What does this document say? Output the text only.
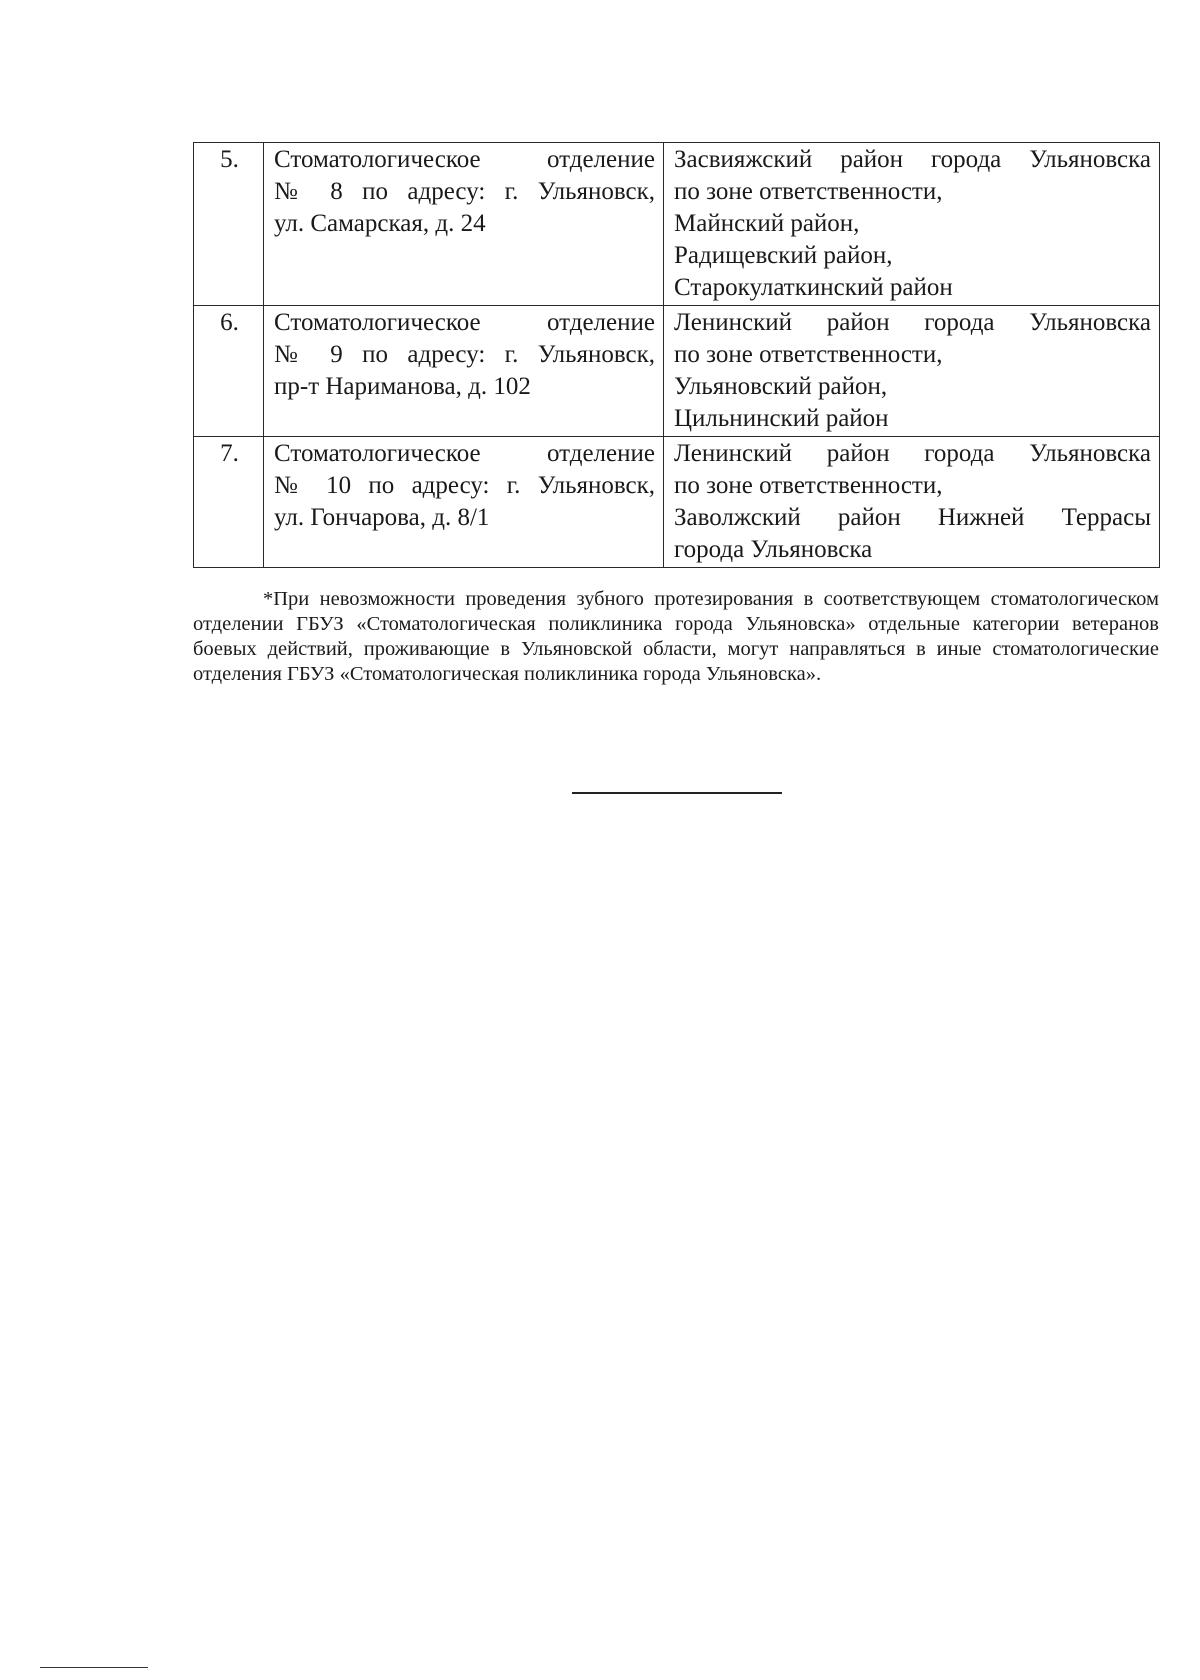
5.	Стоматологическое отделение
№ 8 по адресу: г. Ульяновск,
ул. Самарская, д. 24	Засвияжский район города Ульяновска
по зоне ответственности,
Майнский район,
Радищевский район,
Старокулаткинский район

6.	Стоматологическое отделение
№ 9 по адресу: г. Ульяновск,
пр-т Нариманова, д. 102	Ленинский район города Ульяновска
по зоне ответственности,
Ульяновский район,
Цильнинский район

7.	Стоматологическое отделение
№ 10 по адресу: г. Ульяновск,
ул. Гончарова, д. 8/1	Ленинский район города Ульяновска
по зоне ответственности,
Заволжский район Нижней Террасы
города Ульяновска

*При невозможности проведения зубного протезирования в соответствующем стоматологическом отделении ГБУЗ «Стоматологическая поликлиника города Ульяновска» отдельные категории ветеранов боевых действий, проживающие в Ульяновской области, могут направляться в иные стоматологические отделения ГБУЗ «Стоматологическая поликлиника города Ульяновска».
